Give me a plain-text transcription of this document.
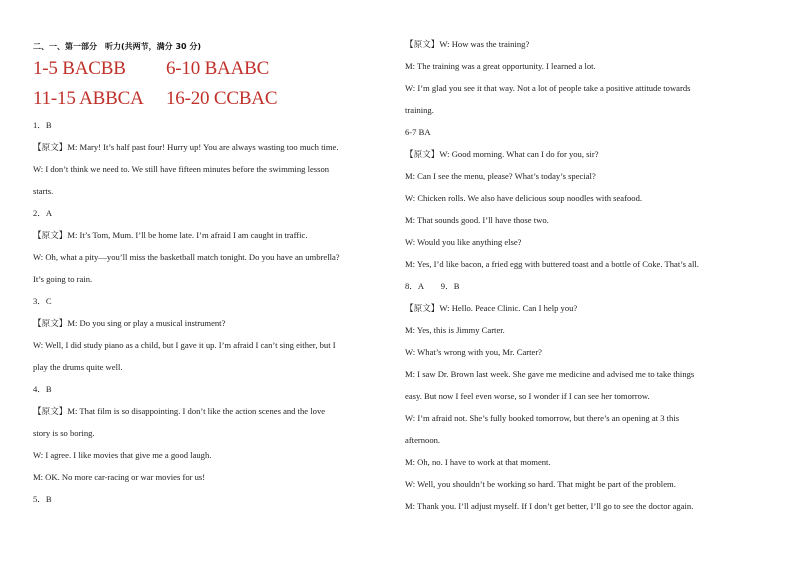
二、一、第一部分　听力(共两节，满分 30 分)
1-5 BACBB 6-10 BAABC
11-15 ABBCA 16-20 CCBAC
1．B
【原文】M: Mary! It’s half past four! Hurry up! You are always wasting too much time.
W: I don’t think we need to. We still have fifteen minutes before the swimming lesson
starts.
2．A
【原文】M: It’s Tom, Mum. I’ll be home late. I’m afraid I am caught in traffic.
W: Oh, what a pity—you’ll miss the basketball match tonight. Do you have an umbrella?
It’s going to rain.
3．C
【原文】M: Do you sing or play a musical instrument?
W: Well, I did study piano as a child, but I gave it up. I’m afraid I can’t sing either, but I
play the drums quite well.
4．B
【原文】M: That film is so disappointing. I don’t like the action scenes and the love
story is so boring.
W: I agree. I like movies that give me a good laugh.
M: OK. No more car-racing or war movies for us!
5．B
【原文】W: How was the training?
M: The training was a great opportunity. I learned a lot.
W: I’m glad you see it that way. Not a lot of people take a positive attitude towards
training.
6-7 BA
【原文】W: Good morning. What can I do for you, sir?
M: Can I see the menu, please? What’s today’s special?
W: Chicken rolls. We also have delicious soup noodles with seafood.
M: That sounds good. I’ll have those two.
W: Would you like anything else?
M: Yes, I’d like bacon, a fried egg with buttered toast and a bottle of Coke. That’s all.
8．A　　9．B
【原文】W: Hello. Peace Clinic. Can I help you?
M: Yes, this is Jimmy Carter.
W: What’s wrong with you, Mr. Carter?
M: I saw Dr. Brown last week. She gave me medicine and advised me to take things
easy. But now I feel even worse, so I wonder if I can see her tomorrow.
W: I’m afraid not. She’s fully booked tomorrow, but there’s an opening at 3 this
afternoon.
M: Oh, no. I have to work at that moment.
W: Well, you shouldn’t be working so hard. That might be part of the problem.
M: Thank you. I’ll adjust myself. If I don’t get better, I’ll go to see the doctor again.
